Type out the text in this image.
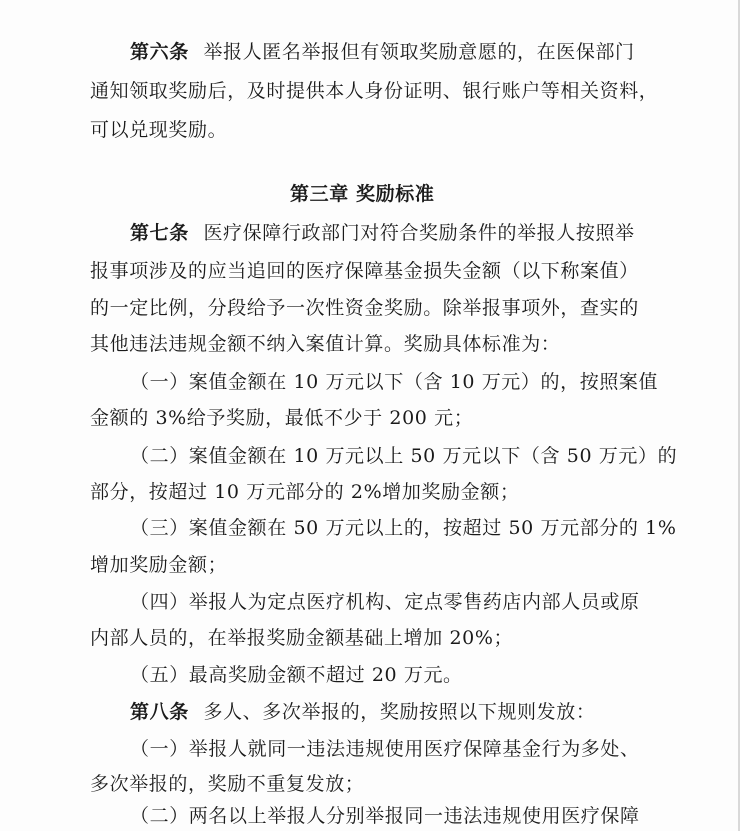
第六条 举报人匿名举报但有领取奖励意愿的，在医保部门
通知领取奖励后，及时提供本人身份证明、银行账户等相关资料，
可以兑现奖励。
第三章 奖励标准
第七条 医疗保障行政部门对符合奖励条件的举报人按照举
报事项涉及的应当追回的医疗保障基金损失金额（以下称案值）
的一定比例，分段给予一次性资金奖励。除举报事项外，查实的
其他违法违规金额不纳入案值计算。奖励具体标准为：
（一）案值金额在 10 万元以下（含 10 万元）的，按照案值
金额的 3%给予奖励，最低不少于 200 元；
（二）案值金额在 10 万元以上 50 万元以下（含 50 万元）的
部分，按超过 10 万元部分的 2%增加奖励金额；
（三）案值金额在 50 万元以上的，按超过 50 万元部分的 1%
增加奖励金额；
（四）举报人为定点医疗机构、定点零售药店内部人员或原
内部人员的，在举报奖励金额基础上增加 20%；
（五）最高奖励金额不超过 20 万元。
第八条 多人、多次举报的，奖励按照以下规则发放：
（一）举报人就同一违法违规使用医疗保障基金行为多处、
多次举报的，奖励不重复发放；
（二）两名以上举报人分别举报同一违法违规使用医疗保障
